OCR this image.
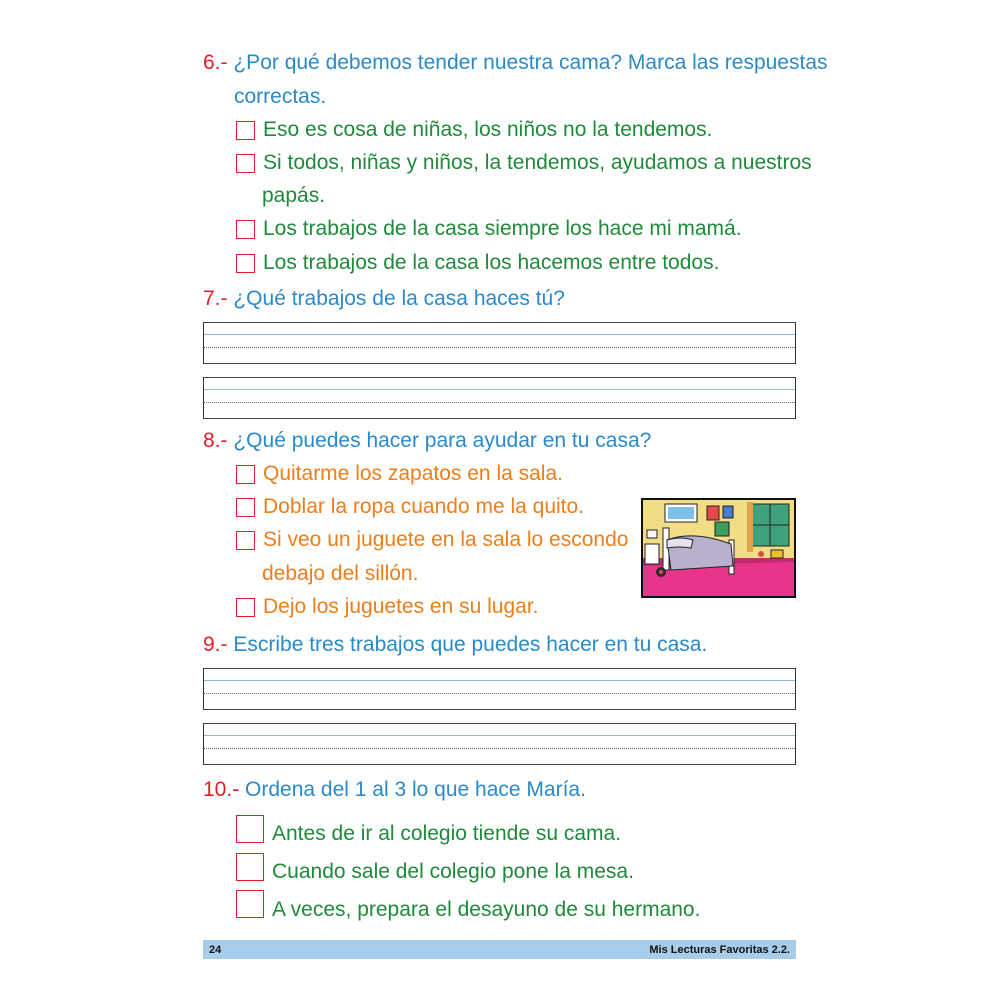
6.- ¿Por qué debemos tender nuestra cama? Marca las respuestas
correctas.
Eso es cosa de niñas, los niños no la tendemos.
Si todos, niñas y niños, la tendemos, ayudamos a nuestros
papás.
Los trabajos de la casa siempre los hace mi mamá.
Los trabajos de la casa los hacemos entre todos.
7.- ¿Qué trabajos de la casa haces tú?
8.- ¿Qué puedes hacer para ayudar en tu casa?
Quitarme los zapatos en la sala.
Doblar la ropa cuando me la quito.
Si veo un juguete en la sala lo escondo
debajo del sillón.
Dejo los juguetes en su lugar.
9.- Escribe tres trabajos que puedes hacer en tu casa.
10.- Ordena del 1 al 3 lo que hace María.
Antes de ir al colegio tiende su cama.
Cuando sale del colegio pone la mesa.
A veces, prepara el desayuno de su hermano.
24	Mis Lecturas Favoritas 2.2.
